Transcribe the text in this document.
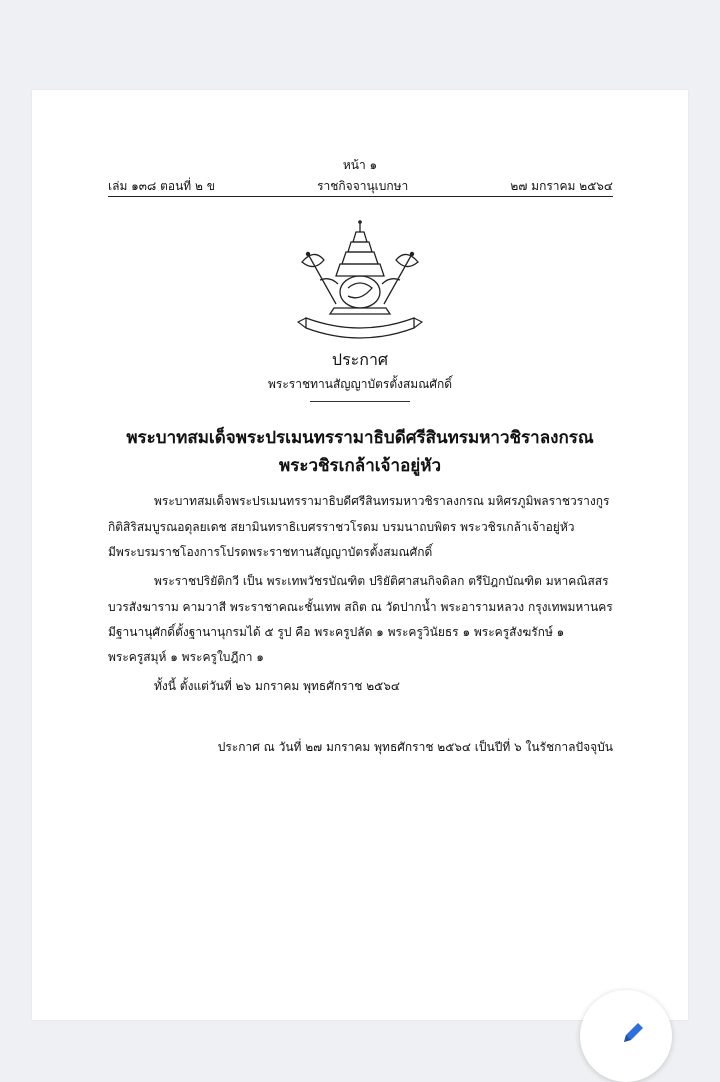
หน้า ๑
เล่ม ๑๓๘ ตอนที่ ๒ ข	ราชกิจจานุเบกษา	๒๗ มกราคม ๒๕๖๔
ประกาศ
พระราชทานสัญญาบัตรตั้งสมณศักดิ์
พระบาทสมเด็จพระปรเมนทรรามาธิบดีศรีสินทรมหาวชิราลงกรณ
พระวชิรเกล้าเจ้าอยู่หัว
พระบาทสมเด็จพระปรเมนทรรามาธิบดีศรีสินทรมหาวชิราลงกรณ มหิศรภูมิพลราชวรางกูร
กิติสิริสมบูรณอดุลยเดช สยามินทราธิเบศรราชวโรดม บรมนาถบพิตร พระวชิรเกล้าเจ้าอยู่หัว
มีพระบรมราชโองการโปรดพระราชทานสัญญาบัตรตั้งสมณศักดิ์
พระราชปริยัติกวี เป็น พระเทพวัชรบัณฑิต ปริยัติศาสนกิจดิลก ตรีปิฎกบัณฑิต มหาคณิสสร
บวรสังฆาราม คามวาสี พระราชาคณะชั้นเทพ สถิต ณ วัดปากน้ำ พระอารามหลวง กรุงเทพมหานคร
มีฐานานุศักดิ์ตั้งฐานานุกรมได้ ๕ รูป คือ พระครูปลัด ๑ พระครูวินัยธร ๑ พระครูสังฆรักษ์ ๑
พระครูสมุห์ ๑ พระครูใบฎีกา ๑
ทั้งนี้ ตั้งแต่วันที่ ๒๖ มกราคม พุทธศักราช ๒๕๖๔
ประกาศ ณ วันที่ ๒๗ มกราคม พุทธศักราช ๒๕๖๔ เป็นปีที่ ๖ ในรัชกาลปัจจุบัน
